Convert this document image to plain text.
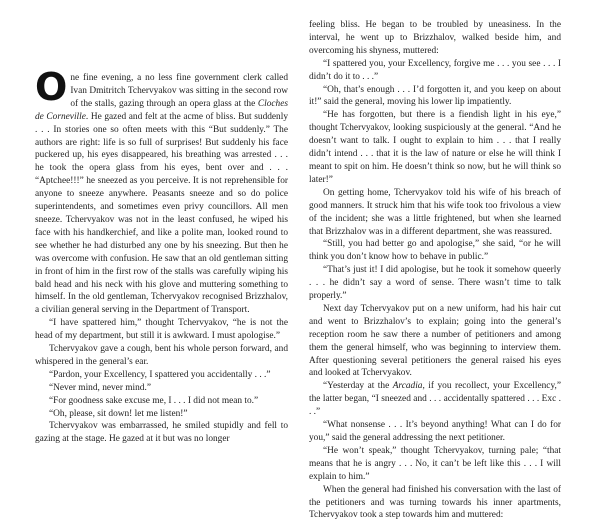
One fine evening, a no less fine government clerk called Ivan Dmitritch Tchervyakov was sitting in the second row of the stalls, gazing through an opera glass at the Cloches de Corneville. He gazed and felt at the acme of bliss. But suddenly . . . In stories one so often meets with this “But suddenly.” The authors are right: life is so full of surprises! But suddenly his face puckered up, his eyes disappeared, his breathing was arrested . . . he took the opera glass from his eyes, bent over and . . . “Aptchee!!!” he sneezed as you perceive. It is not reprehensible for anyone to sneeze anywhere. Peasants sneeze and so do police superintendents, and sometimes even privy councillors. All men sneeze. Tchervyakov was not in the least confused, he wiped his face with his handkerchief, and like a polite man, looked round to see whether he had disturbed any one by his sneezing. But then he was overcome with confusion. He saw that an old gentleman sitting in front of him in the first row of the stalls was carefully wiping his bald head and his neck with his glove and muttering something to himself. In the old gentleman, Tchervyakov recognised Brizzhalov, a civilian general serving in the Department of Transport.

“I have spattered him,” thought Tchervyakov, “he is not the head of my department, but still it is awkward. I must apologise.”

Tchervyakov gave a cough, bent his whole person forward, and whispered in the general’s ear.

“Pardon, your Excellency, I spattered you accidentally . . .”

“Never mind, never mind.”

“For goodness sake excuse me, I . . . I did not mean to.”

“Oh, please, sit down! let me listen!”

Tchervyakov was embarrassed, he smiled stupidly and fell to gazing at the stage. He gazed at it but was no longer

feeling bliss. He began to be troubled by uneasiness. In the interval, he went up to Brizzhalov, walked beside him, and overcoming his shyness, muttered:

“I spattered you, your Excellency, forgive me . . . you see . . . I didn’t do it to . . .”

“Oh, that’s enough . . . I’d forgotten it, and you keep on about it!” said the general, moving his lower lip impatiently.

“He has forgotten, but there is a fiendish light in his eye,” thought Tchervyakov, looking suspiciously at the general. “And he doesn’t want to talk. I ought to explain to him . . . that I really didn’t intend . . . that it is the law of nature or else he will think I meant to spit on him. He doesn’t think so now, but he will think so later!”

On getting home, Tchervyakov told his wife of his breach of good manners. It struck him that his wife took too frivolous a view of the incident; she was a little frightened, but when she learned that Brizzhalov was in a different department, she was reassured.

“Still, you had better go and apologise,” she said, “or he will think you don’t know how to behave in public.”

“That’s just it! I did apologise, but he took it somehow queerly . . . he didn’t say a word of sense. There wasn’t time to talk properly.”

Next day Tchervyakov put on a new uniform, had his hair cut and went to Brizzhalov’s to explain; going into the general’s reception room he saw there a number of petitioners and among them the general himself, who was beginning to interview them. After questioning several petitioners the general raised his eyes and looked at Tchervyakov.

“Yesterday at the Arcadia, if you recollect, your Excellency,” the latter began, “I sneezed and . . . accidentally spattered . . . Exc . . .”

“What nonsense . . . It’s beyond anything! What can I do for you,” said the general addressing the next petitioner.

“He won’t speak,” thought Tchervyakov, turning pale; “that means that he is angry . . . No, it can’t be left like this . . . I will explain to him.”

When the general had finished his conversation with the last of the petitioners and was turning towards his inner apartments, Tchervyakov took a step towards him and muttered:
